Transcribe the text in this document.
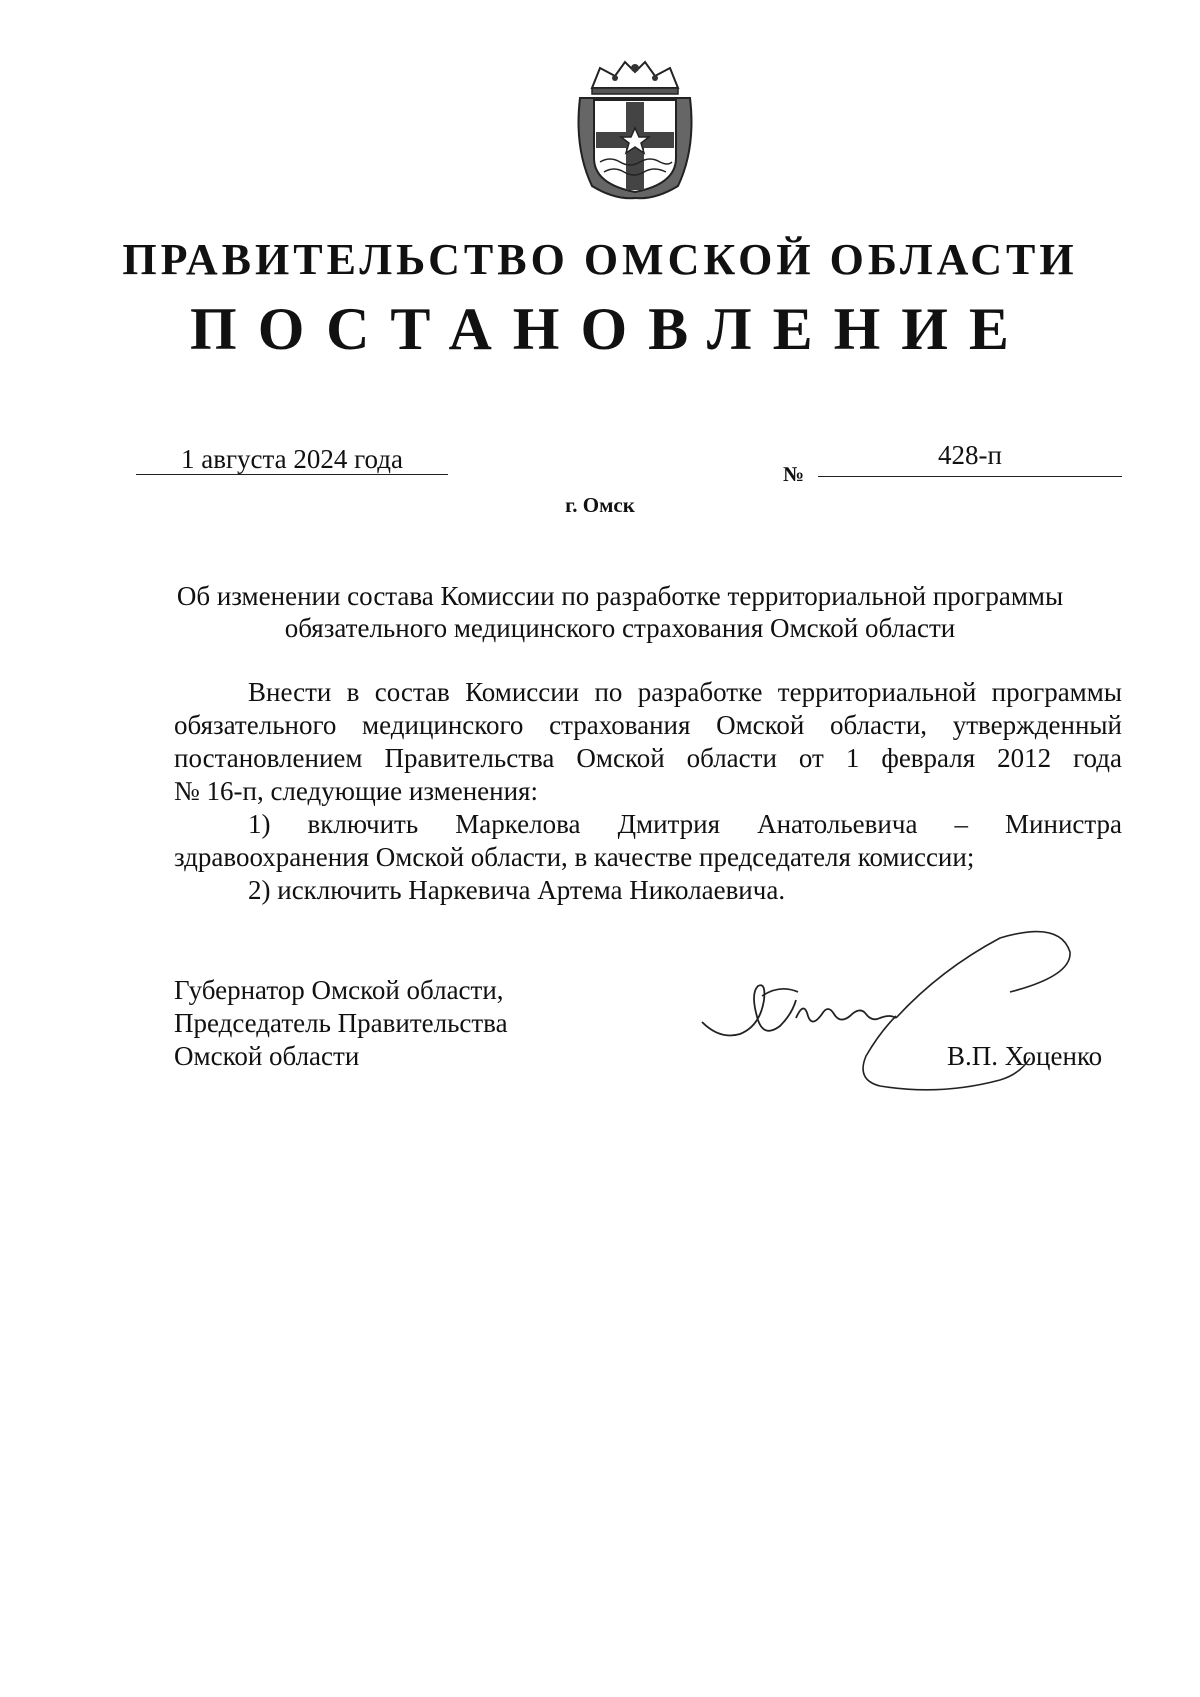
ПРАВИТЕЛЬСТВО ОМСКОЙ ОБЛАСТИ
ПОСТАНОВЛЕНИЕ
1 августа 2024 года	№
428-п
г. Омск
Об изменении состава Комиссии по разработке территориальной программы
обязательного медицинского страхования Омской области

Внести в состав Комиссии по разработке территориальной программы

обязательного медицинского страхования Омской области, утвержденный

постановлением Правительства Омской области от 1 февраля 2012 года

№ 16-п, следующие изменения:

1) включить Маркелова Дмитрия Анатольевича – Министра

здравоохранения Омской области, в качестве председателя комиссии;

2) исключить Наркевича Артема Николаевича.

Губернатор Омской области,
Председатель Правительства
Омской области	В.П. Хоценко
